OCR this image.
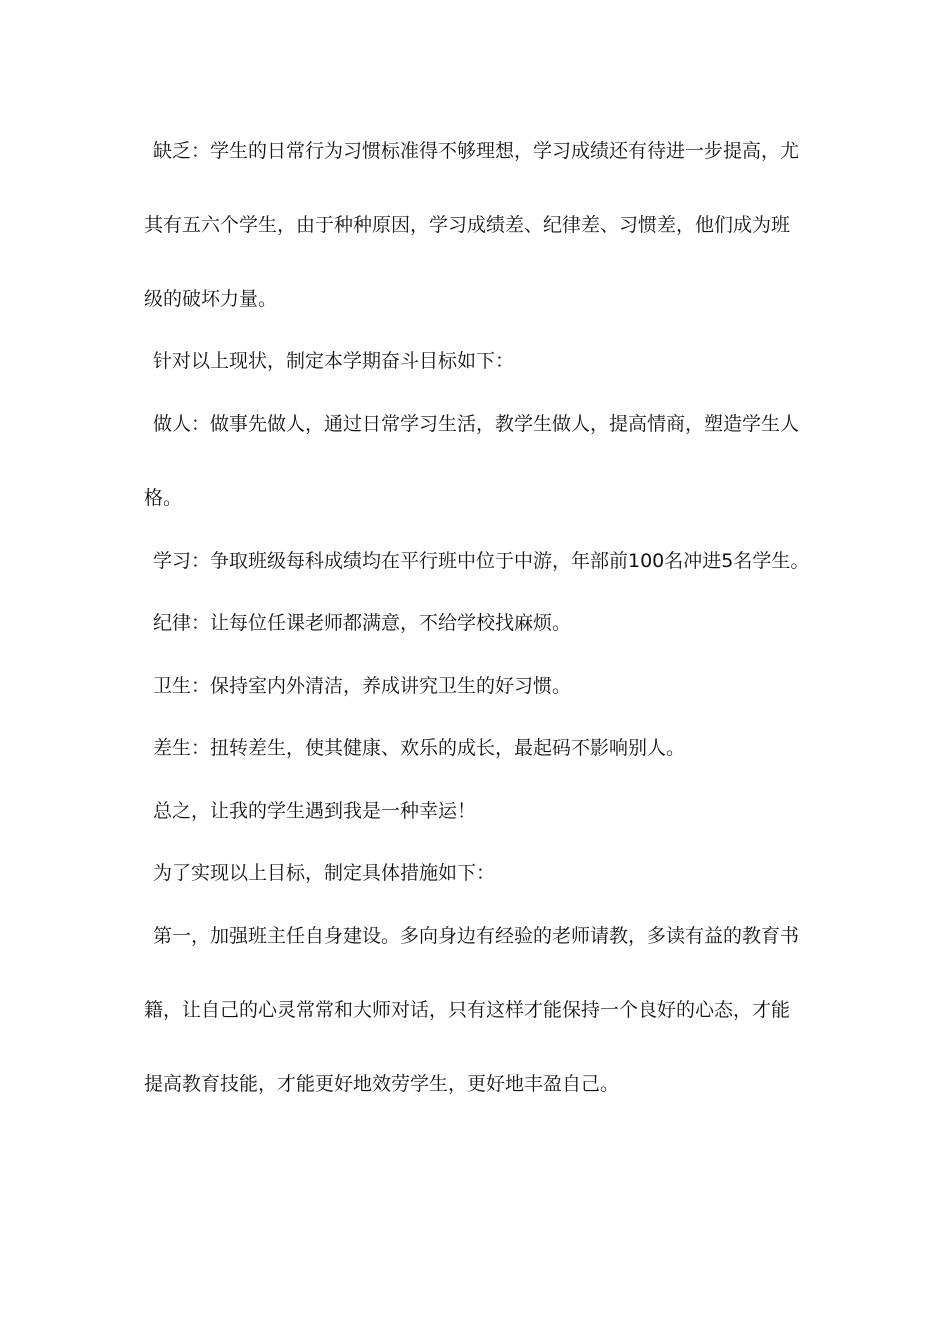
缺乏：学生的日常行为习惯标准得不够理想，学习成绩还有待进一步提高，尤
其有五六个学生，由于种种原因，学习成绩差、纪律差、习惯差，他们成为班
级的破坏力量。
针对以上现状，制定本学期奋斗目标如下：
做人：做事先做人，通过日常学习生活，教学生做人，提高情商，塑造学生人
格。
学习：争取班级每科成绩均在平行班中位于中游，年部前100名冲进5名学生。
纪律：让每位任课老师都满意，不给学校找麻烦。
卫生：保持室内外清洁，养成讲究卫生的好习惯。
差生：扭转差生，使其健康、欢乐的成长，最起码不影响别人。
总之，让我的学生遇到我是一种幸运！
为了实现以上目标，制定具体措施如下：
第一，加强班主任自身建设。多向身边有经验的老师请教，多读有益的教育书
籍，让自己的心灵常常和大师对话，只有这样才能保持一个良好的心态，才能
提高教育技能，才能更好地效劳学生，更好地丰盈自己。
